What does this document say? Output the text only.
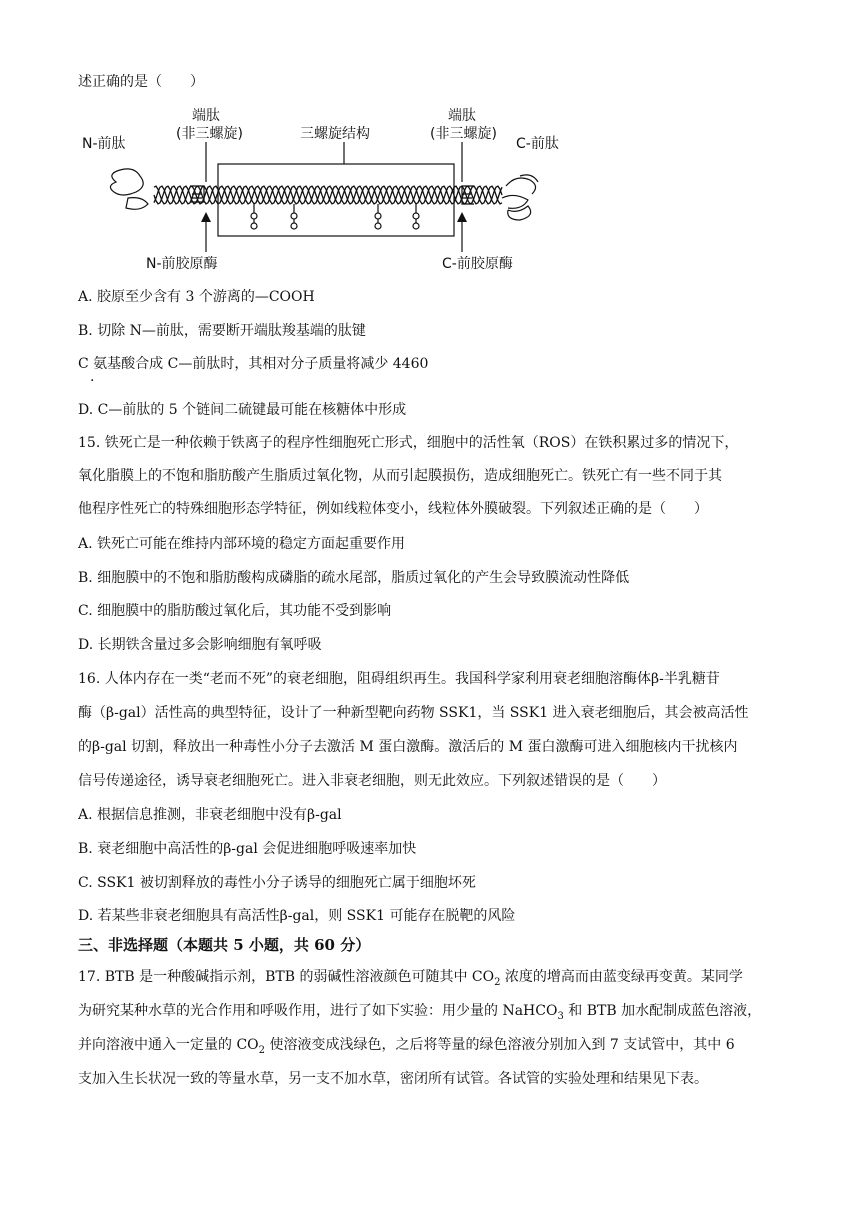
述正确的是（　　）
N-前肽
端肽
(非三螺旋)	三螺旋结构
端肽
(非三螺旋)
C-前肽
N-前胶原酶	C-前胶原酶
A. 胶原至少含有 3 个游离的—COOH
B. 切除 N—前肽，需要断开端肽羧基端的肽键
C 氨基酸合成 C—前肽时，其相对分子质量将减少 4460
·
D. C—前肽的 5 个链间二硫键最可能在核糖体中形成
15. 铁死亡是一种依赖于铁离子的程序性细胞死亡形式，细胞中的活性氧（ROS）在铁积累过多的情况下，
氧化脂膜上的不饱和脂肪酸产生脂质过氧化物，从而引起膜损伤，造成细胞死亡。铁死亡有一些不同于其
他程序性死亡的特殊细胞形态学特征，例如线粒体变小，线粒体外膜破裂。下列叙述正确的是（　　）
A. 铁死亡可能在维持内部环境的稳定方面起重要作用
B. 细胞膜中的不饱和脂肪酸构成磷脂的疏水尾部，脂质过氧化的产生会导致膜流动性降低
C. 细胞膜中的脂肪酸过氧化后，其功能不受到影响
D. 长期铁含量过多会影响细胞有氧呼吸
16. 人体内存在一类“老而不死”的衰老细胞，阻碍组织再生。我国科学家利用衰老细胞溶酶体β-半乳糖苷
酶（β-gal）活性高的典型特征，设计了一种新型靶向药物 SSK1，当 SSK1 进入衰老细胞后，其会被高活性
的β-gal 切割，释放出一种毒性小分子去激活 M 蛋白激酶。激活后的 M 蛋白激酶可进入细胞核内干扰核内
信号传递途径，诱导衰老细胞死亡。进入非衰老细胞，则无此效应。下列叙述错误的是（　　）
A. 根据信息推测，非衰老细胞中没有β-gal
B. 衰老细胞中高活性的β-gal 会促进细胞呼吸速率加快
C. SSK1 被切割释放的毒性小分子诱导的细胞死亡属于细胞坏死
D. 若某些非衰老细胞具有高活性β-gal，则 SSK1 可能存在脱靶的风险
三、非选择题（本题共 5 小题，共 60 分）
17. BTB 是一种酸碱指示剂，BTB 的弱碱性溶液颜色可随其中 $CO_2$ 浓度的增高而由蓝变绿再变黄。某同学
为研究某种水草的光合作用和呼吸作用，进行了如下实验：用少量的 NaHCO$_3$ 和 BTB 加水配制成蓝色溶液，
并向溶液中通入一定量的 $CO_2$ 使溶液变成浅绿色，之后将等量的绿色溶液分别加入到 7 支试管中，其中 6
支加入生长状况一致的等量水草，另一支不加水草，密闭所有试管。各试管的实验处理和结果见下表。
